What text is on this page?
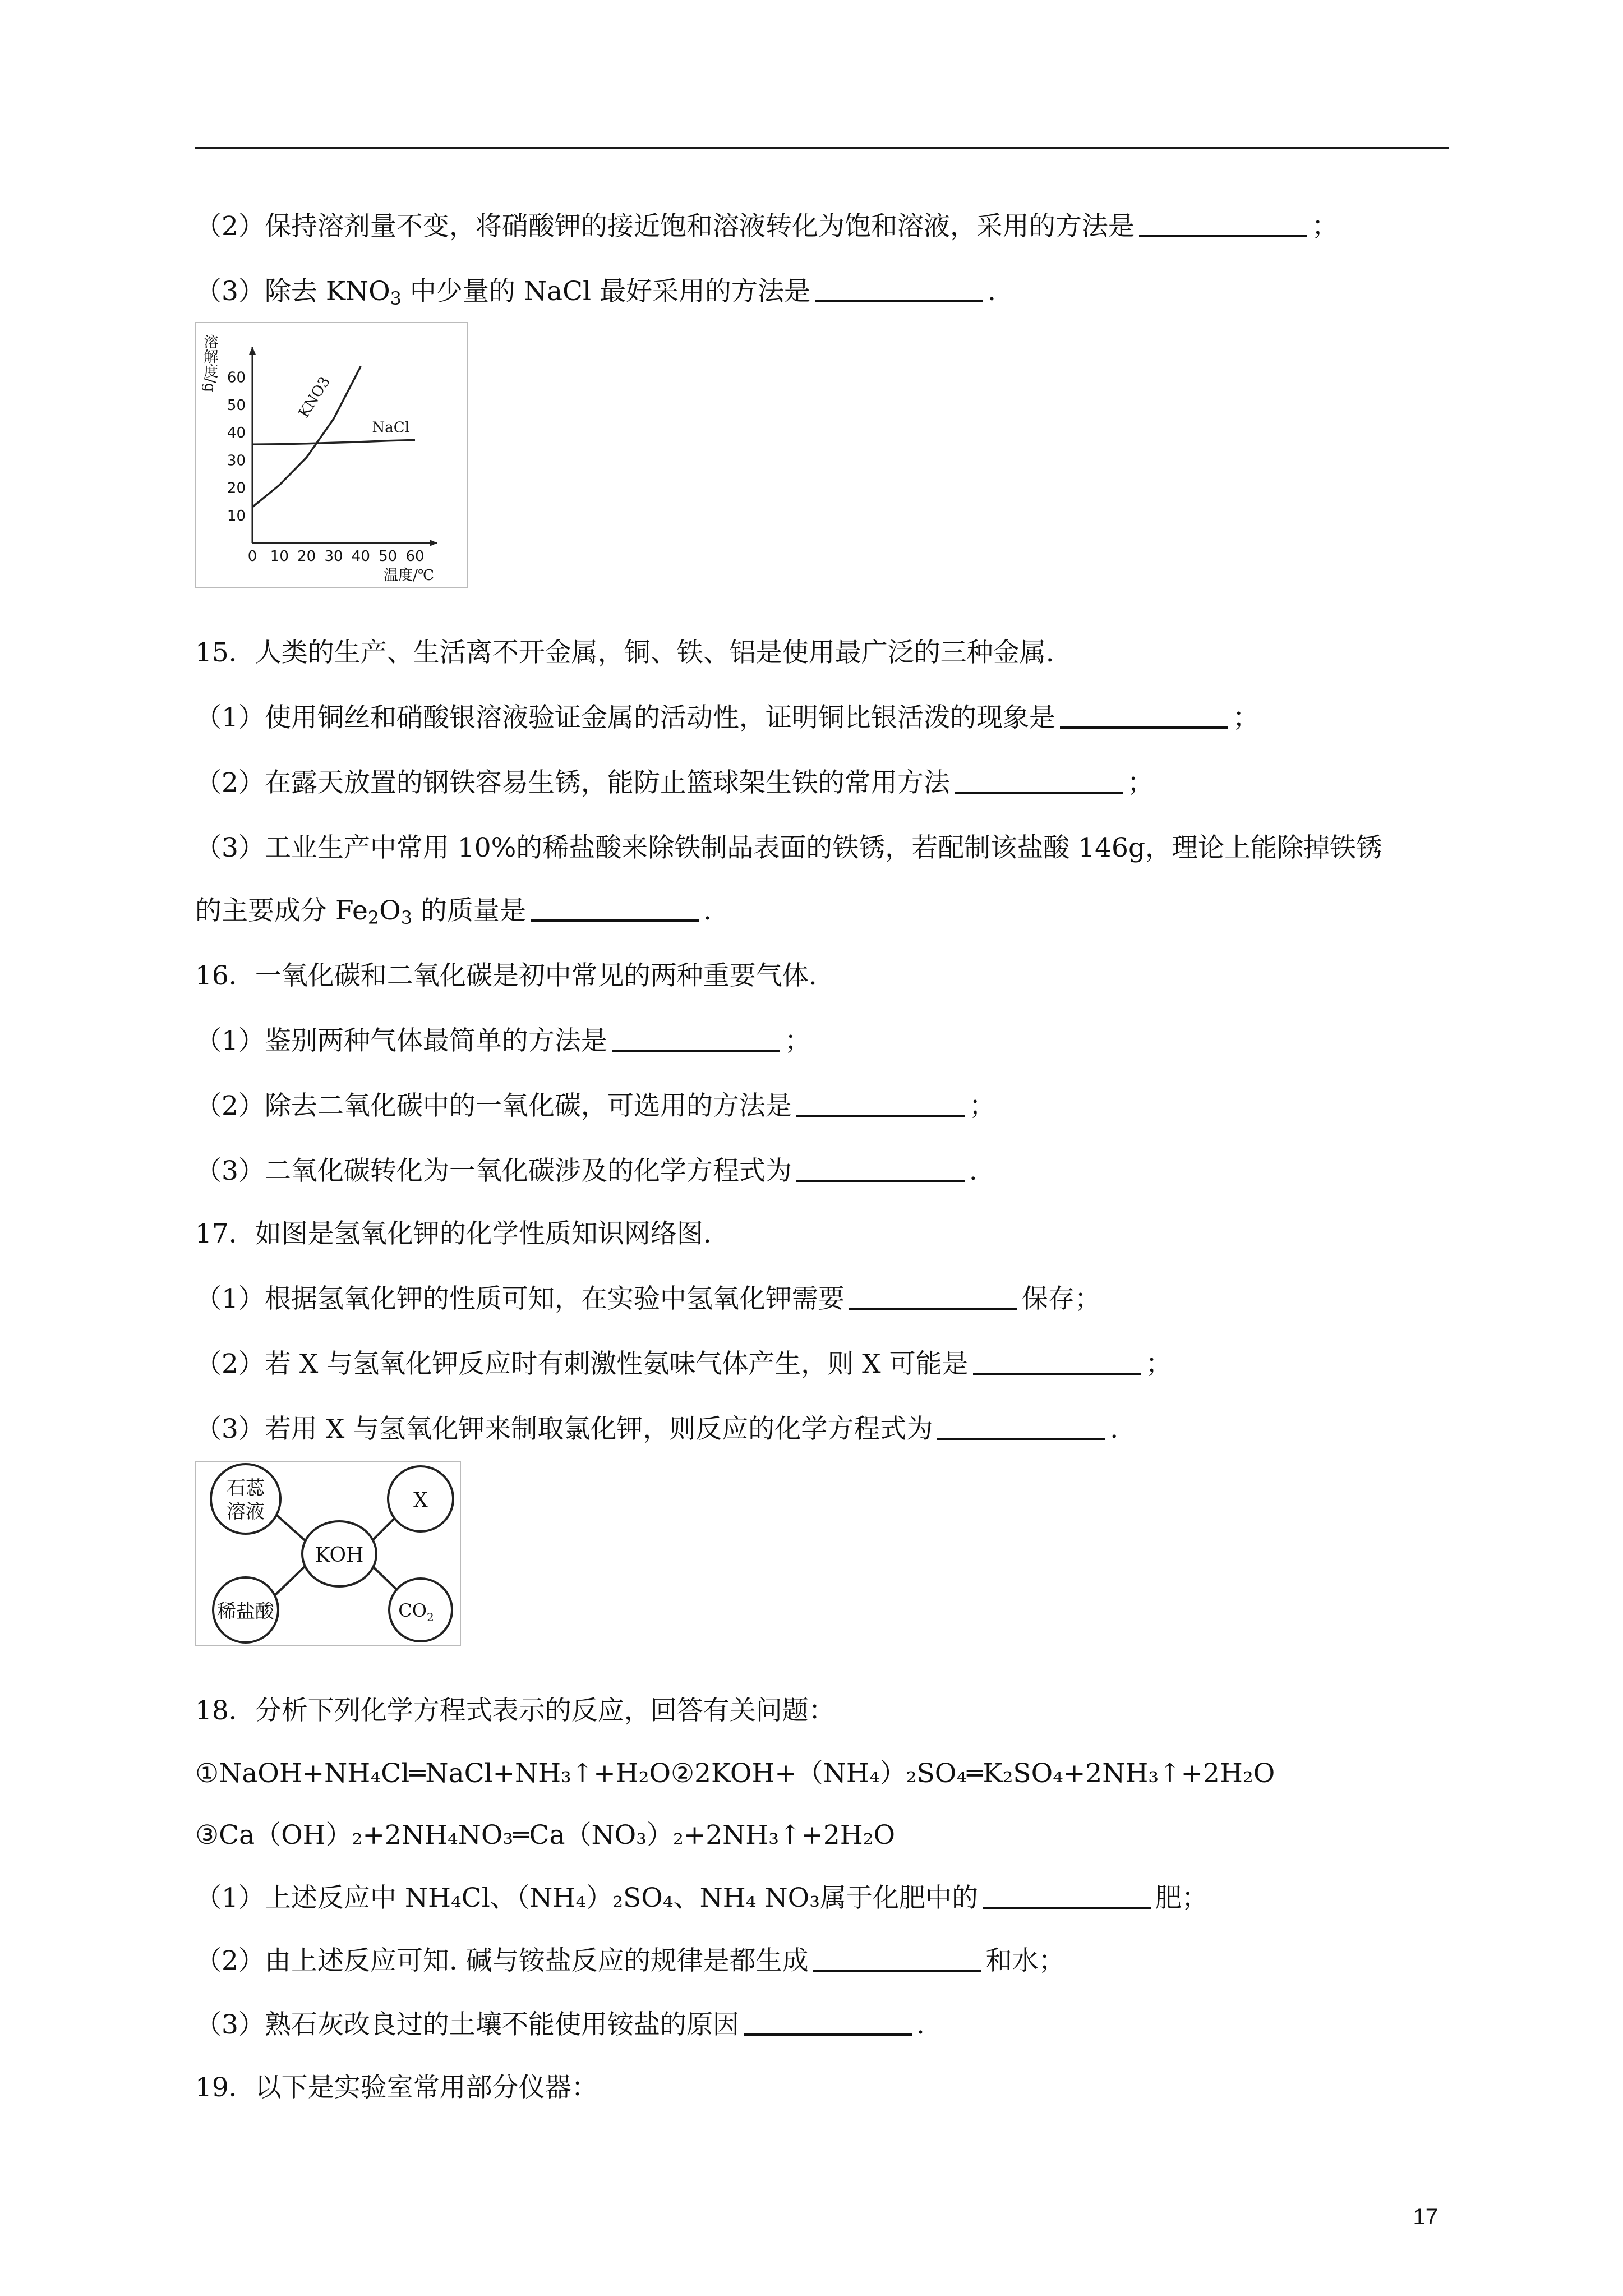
（2）保持溶剂量不变，将硝酸钾的接近饱和溶液转化为饱和溶液，采用的方法是	；
（3）除去 $KNO_3$ 中少量的 NaCl 最好采用的方法是	.
0 10 20 30 40 50 60
10
20
30
40
50
60
溶解度/g
温度/℃
KNO3
NaCl
15．人类的生产、生活离不开金属，铜、铁、铝是使用最广泛的三种金属.
（1）使用铜丝和硝酸银溶液验证金属的活动性，证明铜比银活泼的现象是	；
（2）在露天放置的钢铁容易生锈，能防止篮球架生铁的常用方法	；
（3）工业生产中常用 10%的稀盐酸来除铁制品表面的铁锈，若配制该盐酸 146g，理论上能除掉铁锈
的主要成分 $Fe_2O_3$ 的质量是	.
16．一氧化碳和二氧化碳是初中常见的两种重要气体.
（1）鉴别两种气体最简单的方法是	；
（2）除去二氧化碳中的一氧化碳，可选用的方法是	；
（3）二氧化碳转化为一氧化碳涉及的化学方程式为	.
17．如图是氢氧化钾的化学性质知识网络图.
（1）根据氢氧化钾的性质可知，在实验中氢氧化钾需要	保存；
（2）若 X 与氢氧化钾反应时有刺激性氨味气体产生，则 X 可能是	；
（3）若用 X 与氢氧化钾来制取氯化钾，则反应的化学方程式为	.
KOH
石蕊
溶液	X
稀盐酸	$CO_2$
18．分析下列化学方程式表示的反应，回答有关问题：
①NaOH+NH₄Cl═NaCl+NH₃↑+H₂O②2KOH+（NH₄）₂SO₄═K₂SO₄+2NH₃↑+2H₂O
③Ca（OH）₂+2NH₄NO₃═Ca（NO₃）₂+2NH₃↑+2H₂O
（1）上述反应中 NH₄Cl、（NH₄）₂SO₄、NH₄ NO₃属于化肥中的	肥；
（2）由上述反应可知. 碱与铵盐反应的规律是都生成	和水；
（3）熟石灰改良过的土壤不能使用铵盐的原因	.
19．以下是实验室常用部分仪器：
17
